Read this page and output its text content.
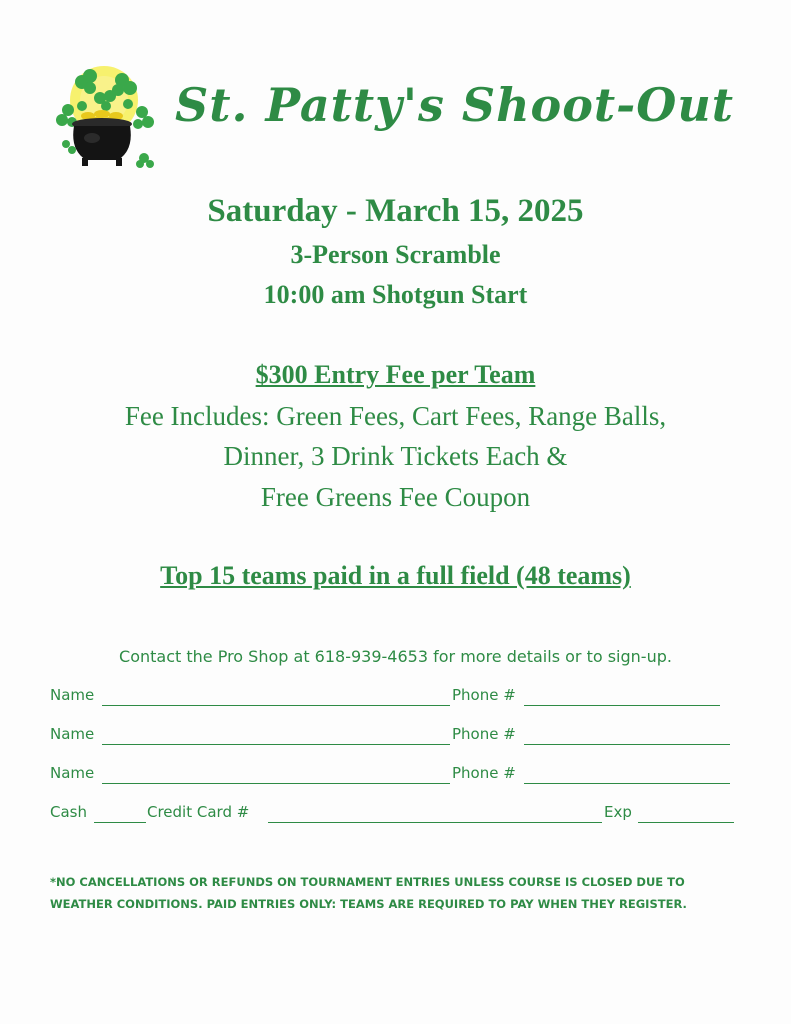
St. Patty's Shoot-Out
Saturday - March 15, 2025
3-Person Scramble
10:00 am Shotgun Start
$300 Entry Fee per Team
Fee Includes: Green Fees, Cart Fees, Range Balls,
Dinner, 3 Drink Tickets Each &
Free Greens Fee Coupon
Top 15 teams paid in a full field (48 teams)
Contact the Pro Shop at 618-939-4653 for more details or to sign-up.
Name	Phone #
Name	Phone #
Name	Phone #
Cash	Credit Card #	Exp
*NO CANCELLATIONS OR REFUNDS ON TOURNAMENT ENTRIES UNLESS COURSE IS CLOSED DUE TO
WEATHER CONDITIONS. PAID ENTRIES ONLY: TEAMS ARE REQUIRED TO PAY WHEN THEY REGISTER.
